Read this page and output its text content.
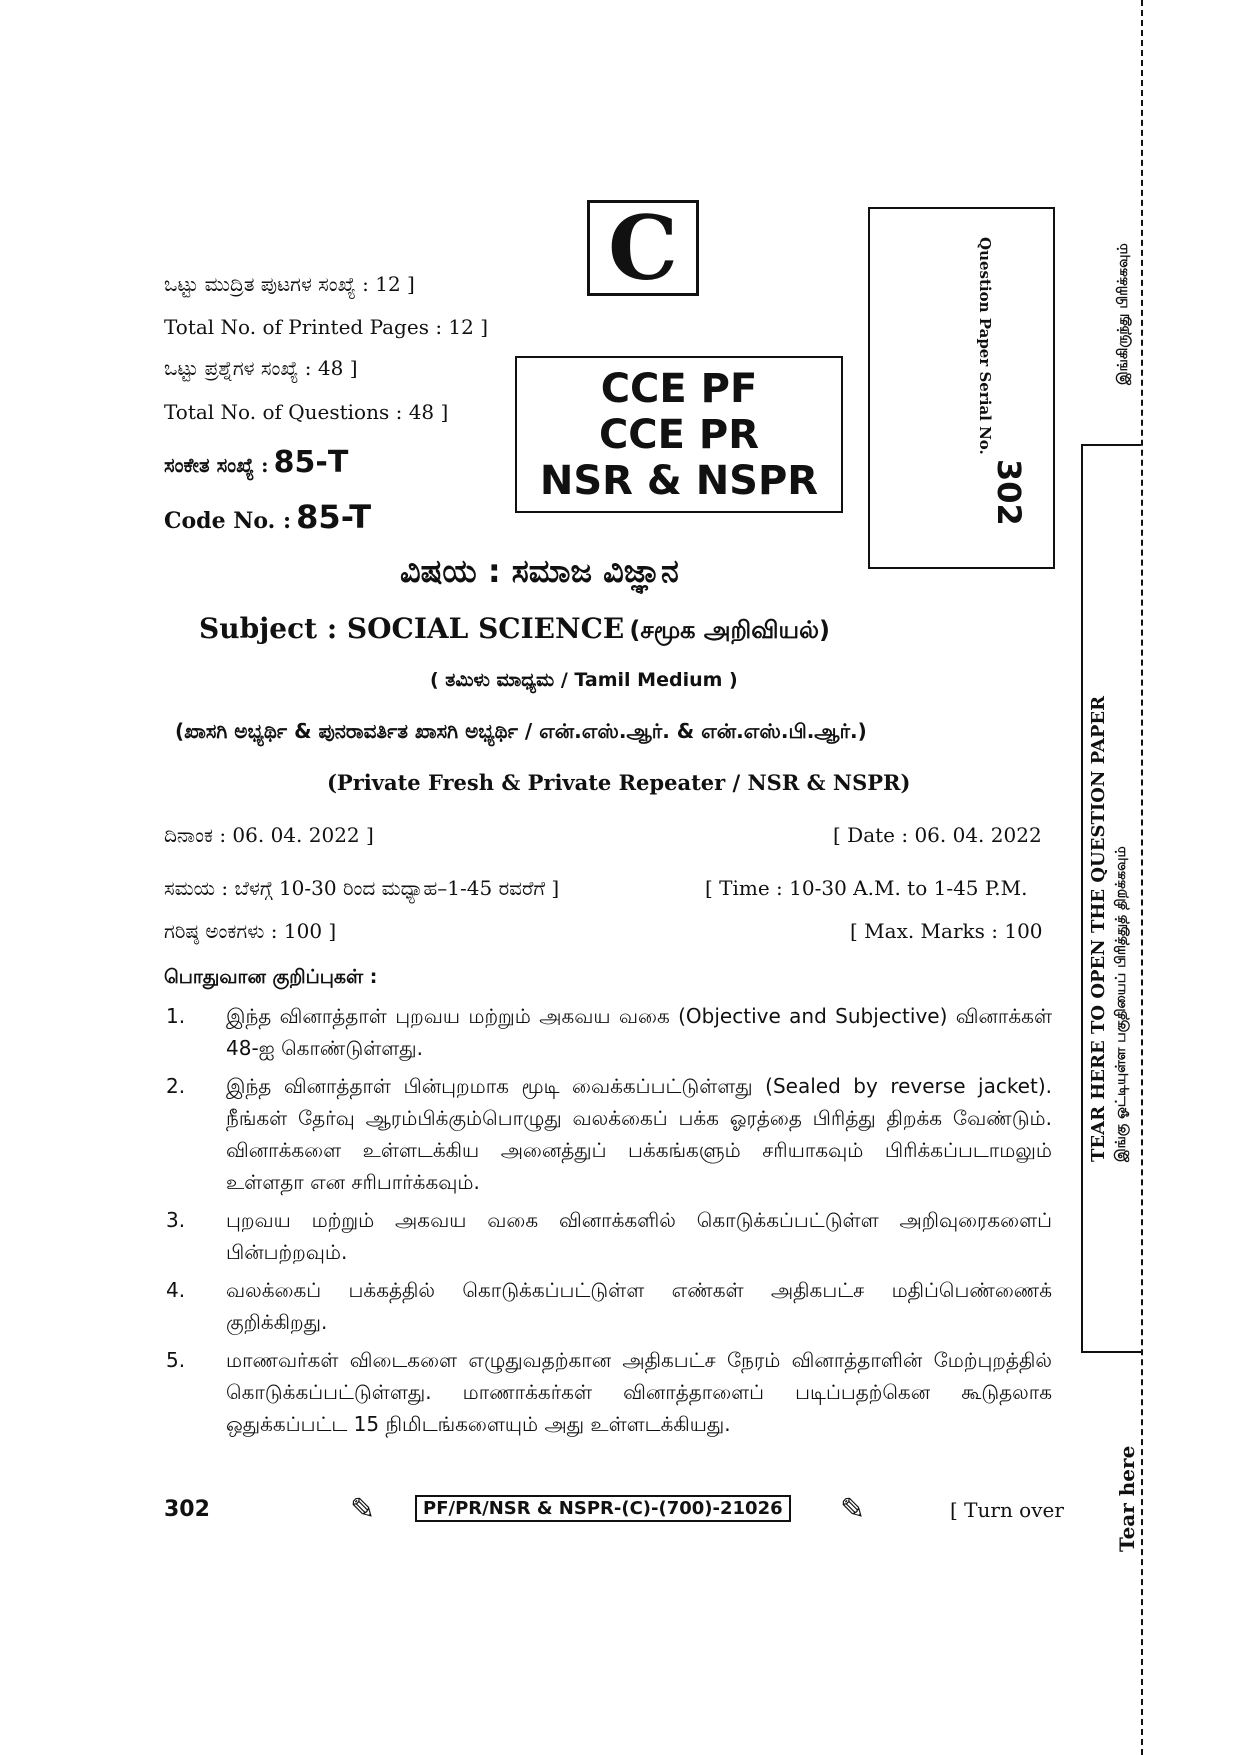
C
ಒಟ್ಟು ಮುದ್ರಿತ ಪುಟಗಳ ಸಂಖ್ಯೆ : 12 ]
Total No. of Printed Pages : 12 ]
ಒಟ್ಟು ಪ್ರಶ್ನೆಗಳ ಸಂಖ್ಯೆ : 48 ]
Total No. of Questions : 48 ]
ಸಂಕೇತ ಸಂಖ್ಯೆ : 85-T
Code No. : 85-T
CCE PF
CCE PR
NSR & NSPR
Question Paper Serial No.
302
இங்கிருந்து பிரிக்கவும்
TEAR HERE TO OPEN THE QUESTION PAPER இங்கு ஓட்டியுள்ள பகுதியைப் பிரித்துத் திறக்கவும்
Tear here
ವಿಷಯ : ಸಮಾಜ ವಿಜ್ಞಾನ
Subject : SOCIAL SCIENCE (சமூக அறிவியல்)
( ತಮಿಳು ಮಾಧ್ಯಮ / Tamil Medium )
(ಖಾಸಗಿ ಅಭ್ಯರ್ಥಿ & ಪುನರಾವರ್ತಿತ ಖಾಸಗಿ ಅಭ್ಯರ್ಥಿ / என்.எஸ்.ஆர். & என்.எஸ்.பி.ஆர்.)
(Private Fresh & Private Repeater / NSR & NSPR)
ದಿನಾಂಕ : 06. 04. 2022 ]	[ Date : 06. 04. 2022
ಸಮಯ : ಬೆಳಗ್ಗೆ 10-30 ರಿಂದ ಮಧ್ಯಾಹ–1-45 ರವರೆಗೆ ]	[ Time : 10-30 A.M. to 1-45 P.M.
ಗರಿಷ್ಠ ಅಂಕಗಳು : 100 ]	[ Max. Marks : 100
பொதுவான குறிப்புகள் :
1.	இந்த வினாத்தாள் புறவய மற்றும் அகவய வகை (Objective and Subjective) வினாக்கள் 48-ஐ கொண்டுள்ளது.
2.	இந்த வினாத்தாள் பின்புறமாக மூடி வைக்கப்பட்டுள்ளது (Sealed by reverse jacket). நீங்கள் தேர்வு ஆரம்பிக்கும்பொழுது வலக்கைப் பக்க ஓரத்தை பிரித்து திறக்க வேண்டும். வினாக்களை உள்ளடக்கிய அனைத்துப் பக்கங்களும் சரியாகவும் பிரிக்கப்படாமலும் உள்ளதா என சரிபார்க்கவும்.
3.	புறவய மற்றும் அகவய வகை வினாக்களில் கொடுக்கப்பட்டுள்ள அறிவுரைகளைப் பின்பற்றவும்.
4.	வலக்கைப் பக்கத்தில் கொடுக்கப்பட்டுள்ள எண்கள் அதிகபட்ச மதிப்பெண்ணைக் குறிக்கிறது.
5.	மாணவர்கள் விடைகளை எழுதுவதற்கான அதிகபட்ச நேரம் வினாத்தாளின் மேற்புறத்தில் கொடுக்கப்பட்டுள்ளது. மாணாக்கர்கள் வினாத்தாளைப் படிப்பதற்கென கூடுதலாக ஒதுக்கப்பட்ட 15 நிமிடங்களையும் அது உள்ளடக்கியது.
302	✎	PF/PR/NSR & NSPR-(C)-(700)-21026 ✎	[ Turn over
